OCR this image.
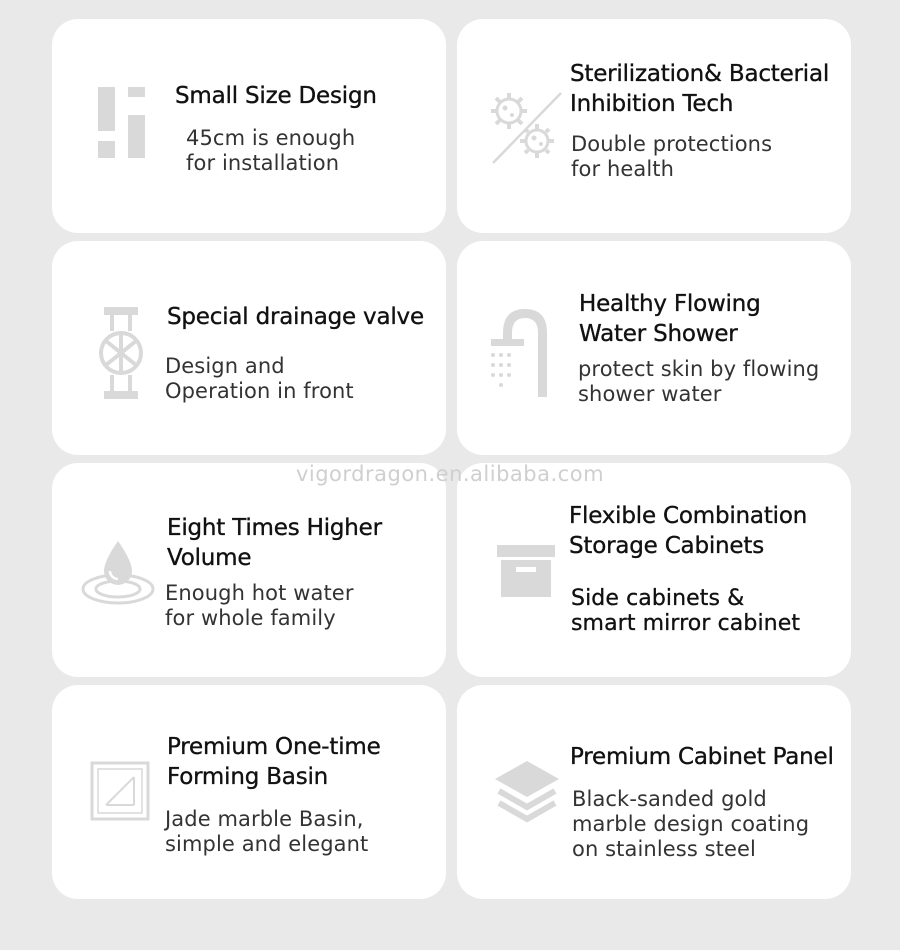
Small Size Design
45cm is enough
for installation
Sterilization& Bacterial
Inhibition Tech
Double protections
for health
Special drainage valve
Design and
Operation in front
Healthy Flowing
Water Shower
protect skin by flowing
shower water
Eight Times Higher
Volume
Enough hot water
for whole family
Flexible Combination
Storage Cabinets
Side cabinets &
smart mirror cabinet
Premium One-time
Forming Basin
Jade marble Basin,
simple and elegant
Premium Cabinet Panel
Black-sanded gold
marble design coating
on stainless steel
vigordragon.en.alibaba.com
